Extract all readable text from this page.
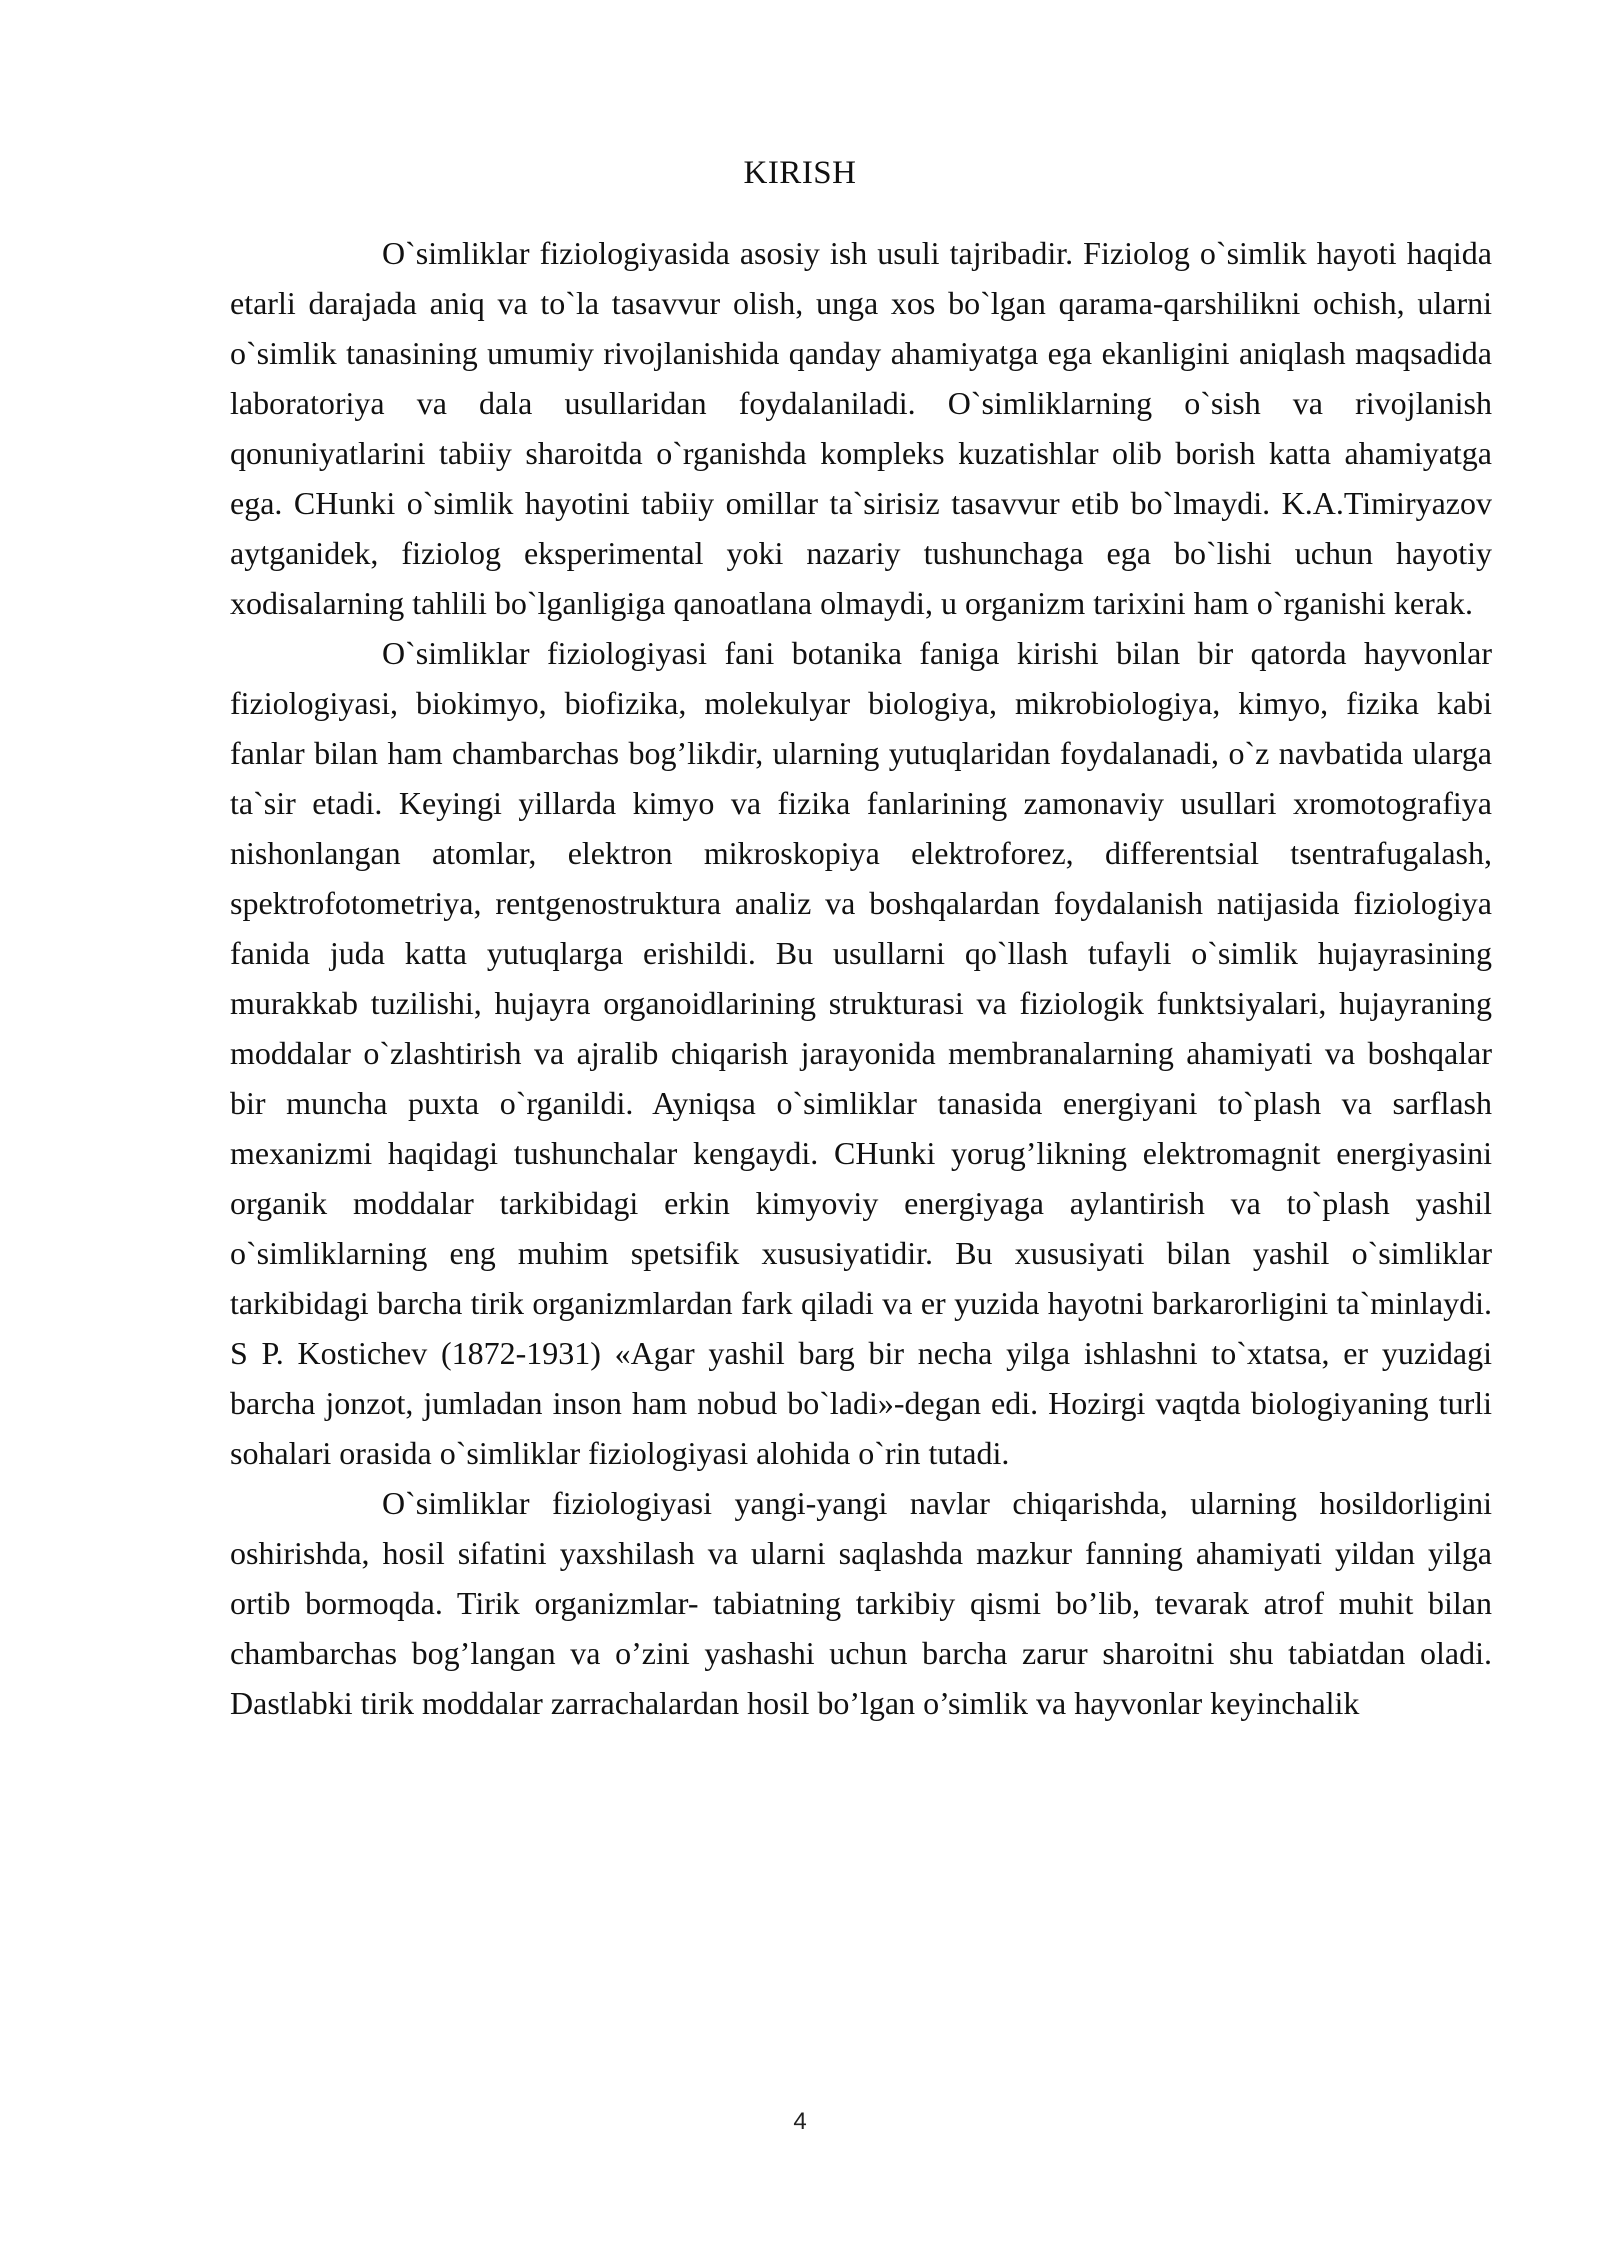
KIRISH

O`simliklar fiziologiyasida asosiy ish usuli tajribadir. Fiziolog o`simlik hayoti haqida etarli darajada aniq va to`la tasavvur olish, unga xos bo`lgan qarama-qarshilikni ochish, ularni o`simlik tanasining umumiy rivojlanishida qanday ahamiyatga ega ekanligini aniqlash maqsadida laboratoriya va dala usullaridan foydalaniladi. O`simliklarning o`sish va rivojlanish qonuniyatlarini tabiiy sharoitda o`rganishda kompleks kuzatishlar olib borish katta ahamiyatga ega. CHunki o`simlik hayotini tabiiy omillar ta`sirisiz tasavvur etib bo`lmaydi. K.A.Timiryazov aytganidek, fiziolog eksperimental yoki nazariy tushunchaga ega bo`lishi uchun hayotiy xodisalarning tahlili bo`lganligiga qanoatlana olmaydi, u organizm tarixini ham o`rganishi kerak.

O`simliklar fiziologiyasi fani botanika faniga kirishi bilan bir qatorda hayvonlar fiziologiyasi, biokimyo, biofizika, molekulyar biologiya, mikrobiologiya, kimyo, fizika kabi fanlar bilan ham chambarchas bog’likdir, ularning yutuqlaridan foydalanadi, o`z navbatida ularga ta`sir etadi. Keyingi yillarda kimyo va fizika fanlarining zamonaviy usullari xromotografiya nishonlangan atomlar, elektron mikroskopiya elektroforez, differentsial tsentrafugalash, spektrofotometriya, rentgenostruktura analiz va boshqalardan foydalanish natijasida fiziologiya fanida juda katta yutuqlarga erishildi. Bu usullarni qo`llash tufayli o`simlik hujayrasining murakkab tuzilishi, hujayra organoidlarining strukturasi va fiziologik funktsiyalari, hujayraning moddalar o`zlashtirish va ajralib chiqarish jarayonida membranalarning ahamiyati va boshqalar bir muncha puxta o`rganildi. Ayniqsa o`simliklar tanasida energiyani to`plash va sarflash mexanizmi haqidagi tushunchalar kengaydi. CHunki yorug’likning elektromagnit energiyasini organik moddalar tarkibidagi erkin kimyoviy energiyaga aylantirish va to`plash yashil o`simliklarning eng muhim spetsifik xususiyatidir. Bu xususiyati bilan yashil o`simliklar tarkibidagi barcha tirik organizmlardan fark qiladi va er yuzida hayotni barkarorligini ta`minlaydi. S P. Kostichev (1872-1931) «Agar yashil barg bir necha yilga ishlashni to`xtatsa, er yuzidagi barcha jonzot, jumladan inson ham nobud bo`ladi»-degan edi. Hozirgi vaqtda biologiyaning turli sohalari orasida o`simliklar fiziologiyasi alohida o`rin tutadi.

O`simliklar fiziologiyasi yangi-yangi navlar chiqarishda, ularning hosildorligini oshirishda, hosil sifatini yaxshilash va ularni saqlashda mazkur fanning ahamiyati yildan yilga ortib bormoqda. Tirik organizmlar- tabiatning tarkibiy qismi bo’lib, tevarak atrof muhit bilan chambarchas bog’langan va o’zini yashashi uchun barcha zarur sharoitni shu tabiatdan oladi. Dastlabki tirik moddalar zarrachalardan hosil bo’lgan o’simlik va hayvonlar keyinchalik

4
